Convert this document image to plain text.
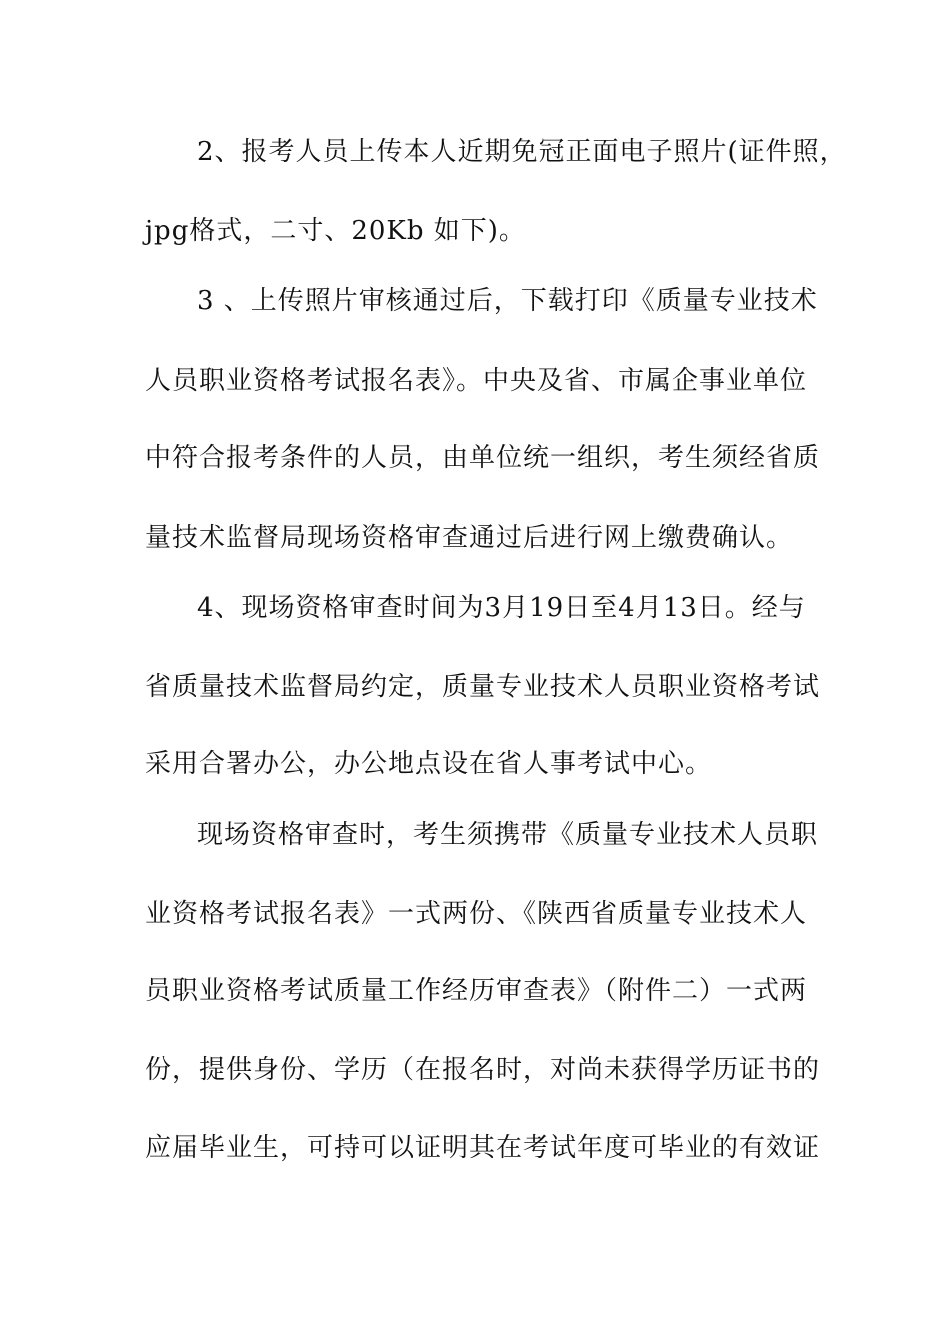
2、报考人员上传本人近期免冠正面电子照片(证件照，
jpg格式，二寸、20Kb 如下)。
3 、上传照片审核通过后，下载打印《质量专业技术
人员职业资格考试报名表》。中央及省、市属企事业单位
中符合报考条件的人员，由单位统一组织，考生须经省质
量技术监督局现场资格审查通过后进行网上缴费确认。
4、现场资格审查时间为3月19日至4月13日。经与
省质量技术监督局约定，质量专业技术人员职业资格考试
采用合署办公，办公地点设在省人事考试中心。
现场资格审查时，考生须携带《质量专业技术人员职
业资格考试报名表》一式两份、《陕西省质量专业技术人
员职业资格考试质量工作经历审查表》（附件二）一式两
份，提供身份、学历（在报名时，对尚未获得学历证书的
应届毕业生，可持可以证明其在考试年度可毕业的有效证
